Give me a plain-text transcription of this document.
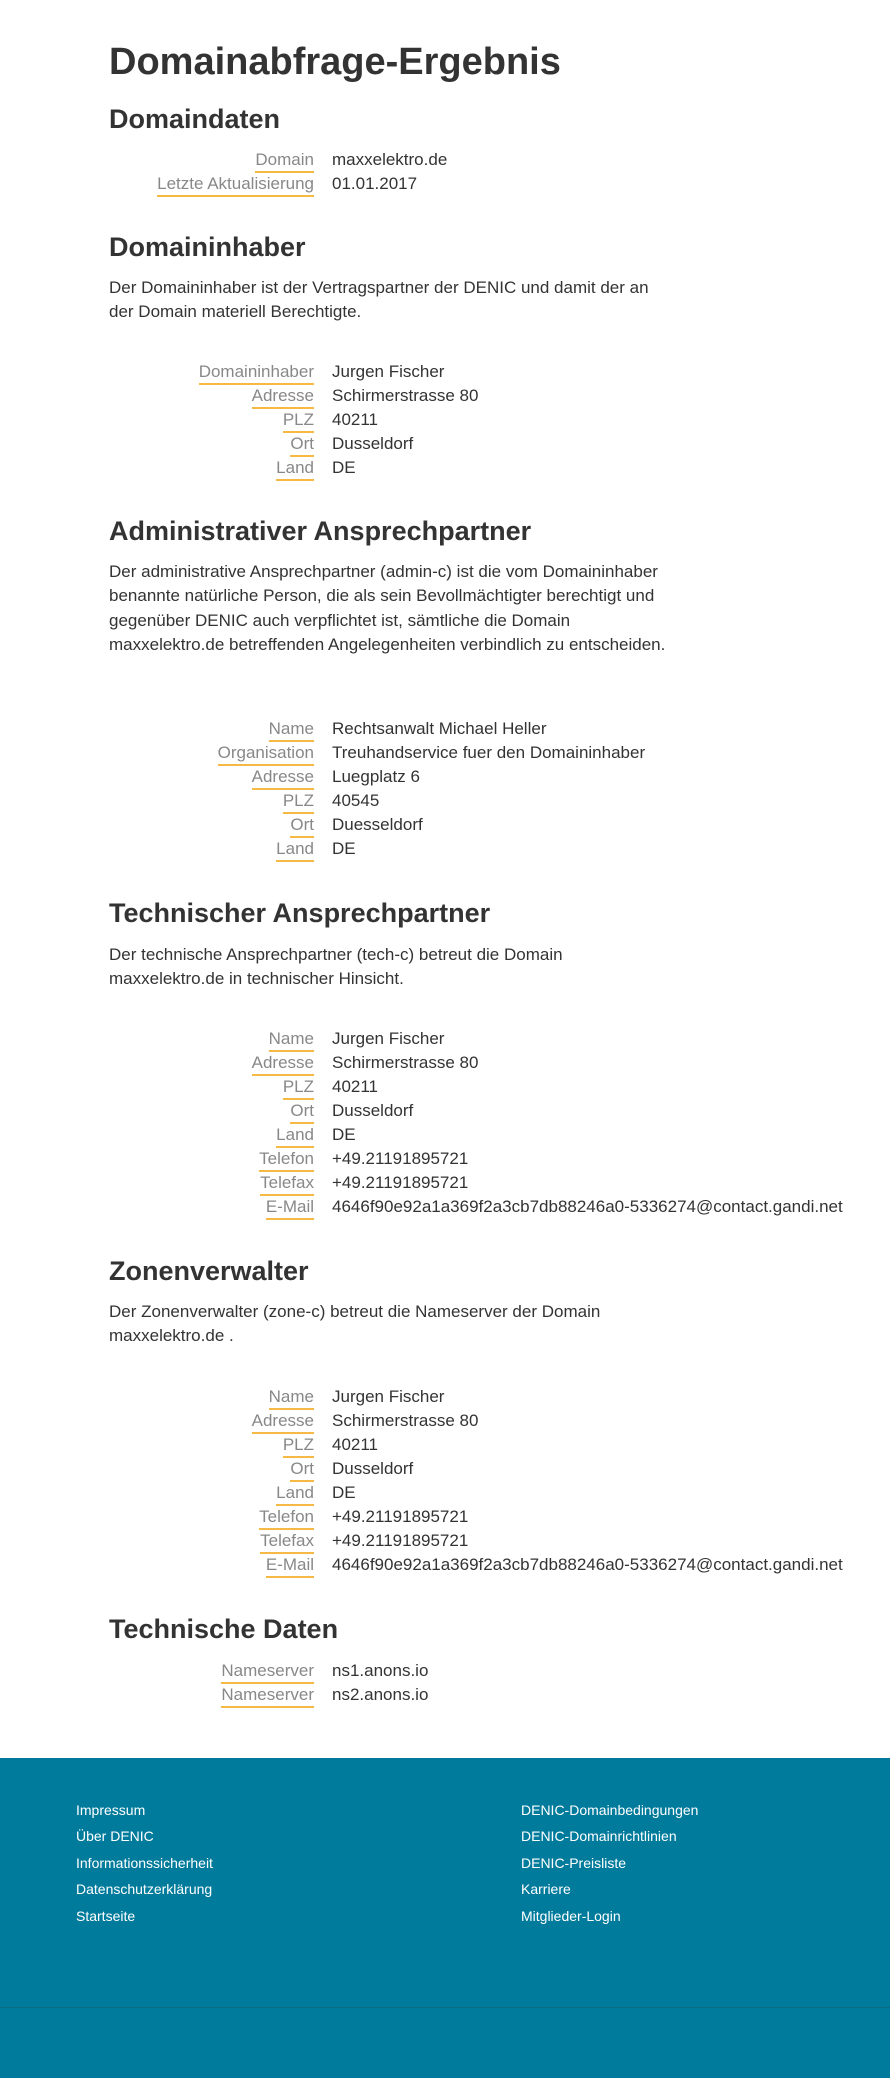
Domainabfrage-Ergebnis
Domaindaten
Domain maxxelektro.de
Letzte Aktualisierung 01.01.2017
Domaininhaber

Der Domaininhaber ist der Vertragspartner der DENIC und damit der an der Domain materiell Berechtigte.

Domaininhaber Jurgen Fischer
Adresse Schirmerstrasse 80
PLZ 40211
Ort Dusseldorf
Land DE
Administrativer Ansprechpartner

Der administrative Ansprechpartner (admin-c) ist die vom Domaininhaber benannte natürliche Person, die als sein Bevollmächtigter berechtigt und gegenüber DENIC auch verpflichtet ist, sämtliche die Domain maxxelektro.de betreffenden Angelegenheiten verbindlich zu entscheiden.

Name Rechtsanwalt Michael Heller
Organisation Treuhandservice fuer den Domaininhaber
Adresse Luegplatz 6
PLZ 40545
Ort Duesseldorf
Land DE
Technischer Ansprechpartner

Der technische Ansprechpartner (tech-c) betreut die Domain maxxelektro.de in technischer Hinsicht.

Name Jurgen Fischer
Adresse Schirmerstrasse 80
PLZ 40211
Ort Dusseldorf
Land DE
Telefon +49.21191895721
Telefax +49.21191895721
E-Mail 4646f90e92a1a369f2a3cb7db88246a0-5336274@contact.gandi.net
Zonenverwalter

Der Zonenverwalter (zone-c) betreut die Nameserver der Domain maxxelektro.de .

Name Jurgen Fischer
Adresse Schirmerstrasse 80
PLZ 40211
Ort Dusseldorf
Land DE
Telefon +49.21191895721
Telefax +49.21191895721
E-Mail 4646f90e92a1a369f2a3cb7db88246a0-5336274@contact.gandi.net
Technische Daten
Nameserver ns1.anons.io
Nameserver ns2.anons.io
Impressum
Über DENIC
Informationssicherheit
Datenschutzerklärung
Startseite
DENIC-Domainbedingungen
DENIC-Domainrichtlinien
DENIC-Preisliste
Karriere
Mitglieder-Login
